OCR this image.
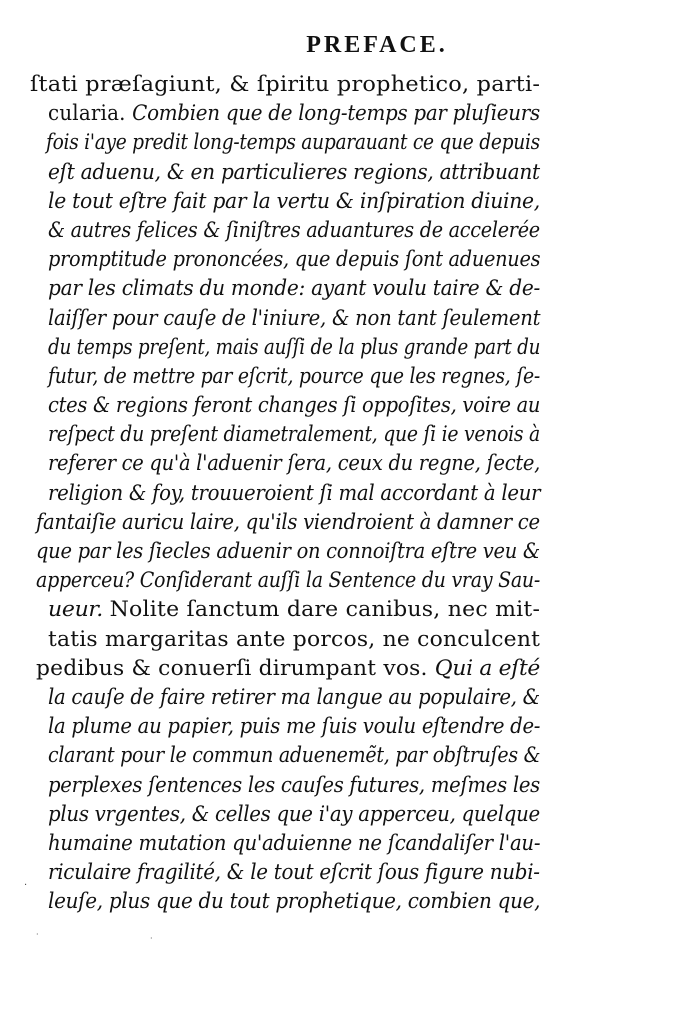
PREFACE.
ſtati præſagiunt, & ſpiritu prophetico, parti-
cularia. Combien que de long-temps par pluſieurs
fois i'aye predit long-temps auparauant ce que depuis
eſt aduenu, & en particulieres regions, attribuant
le tout eſtre fait par la vertu & inſpiration diuine,
& autres felices & ſiniſtres aduantures de accelerée
promptitude prononcées, que depuis ſont aduenues
par les climats du monde: ayant voulu taire & de-
laiſſer pour cauſe de l'iniure, & non tant ſeulement
du temps preſent, mais auſſi de la plus grande part du
futur, de mettre par eſcrit, pource que les regnes, ſe-
ctes & regions feront changes ſi oppoſites, voire au
reſpect du preſent diametralement, que ſi ie venois à
referer ce qu'à l'aduenir ſera, ceux du regne, ſecte,
religion & foy, trouueroient ſi mal accordant à leur
fantaiſie auricu laire, qu'ils viendroient à damner ce
que par les ſiecles aduenir on connoiſtra eſtre veu &
apperceu? Conſiderant auſſi la Sentence du vray Sau-
ueur. Nolite ſanctum dare canibus, nec mit-
tatis margaritas ante porcos, ne conculcent
pedibus & conuerſi dirumpant vos. Qui a eſté
la cauſe de faire retirer ma langue au populaire, &
la plume au papier, puis me ſuis voulu eſtendre de-
clarant pour le commun aduenemẽt, par obſtruſes &
perplexes ſentences les cauſes futures, meſmes les
plus vrgentes, & celles que i'ay apperceu, quelque
humaine mutation qu'aduienne ne ſcandaliſer l'au-
riculaire fragilité, & le tout eſcrit ſous figure nubi-
leuſe, plus que du tout prophetique, combien que,
·
·
·
